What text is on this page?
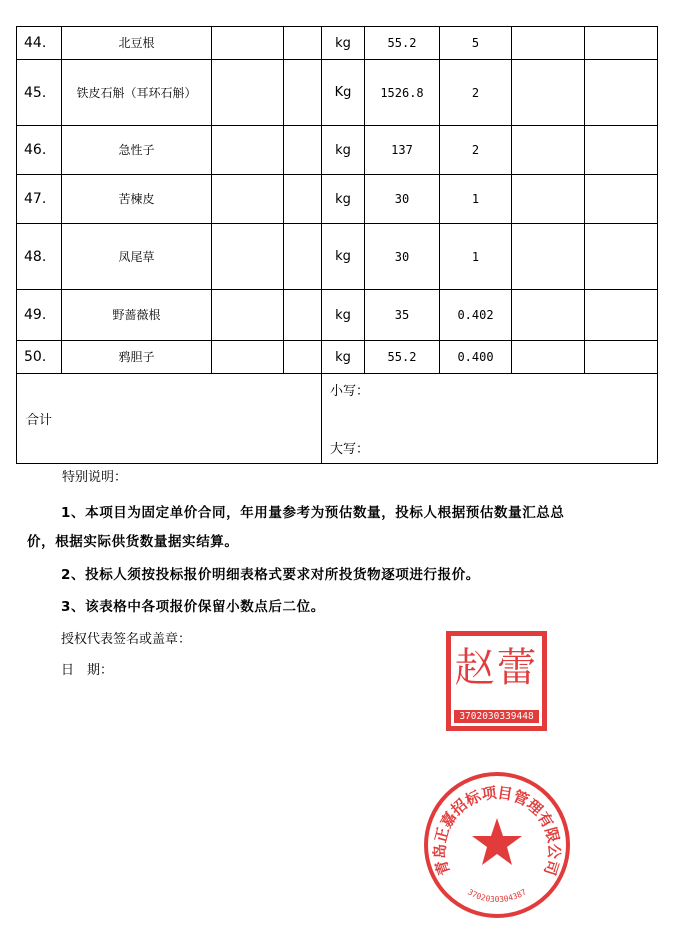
44.	北豆根			kg	55.2	5		
45.	铁皮石斛（耳环石斛）			Kg	1526.8	2		
46.	急性子			kg	137	2		
47.	苦楝皮			kg	30	1		
48.	凤尾草			kg	30	1		
49.	野蔷薇根			kg	35	0.402		
50.	鸦胆子			kg	55.2	0.400		
合计				小写：
大写：				
特别说明：

1、本项目为固定单价合同，年用量参考为预估数量，投标人根据预估数量汇总总

价，根据实际供货数量据实结算。

2、投标人须按投标报价明细表格式要求对所投货物逐项进行报价。

3、该表格中各项报价保留小数点后二位。

授权代表签名或盖章：
日　期：	赵蕾
3702030339448
青岛正嘉招标项目管理有限公司
3702030304387
